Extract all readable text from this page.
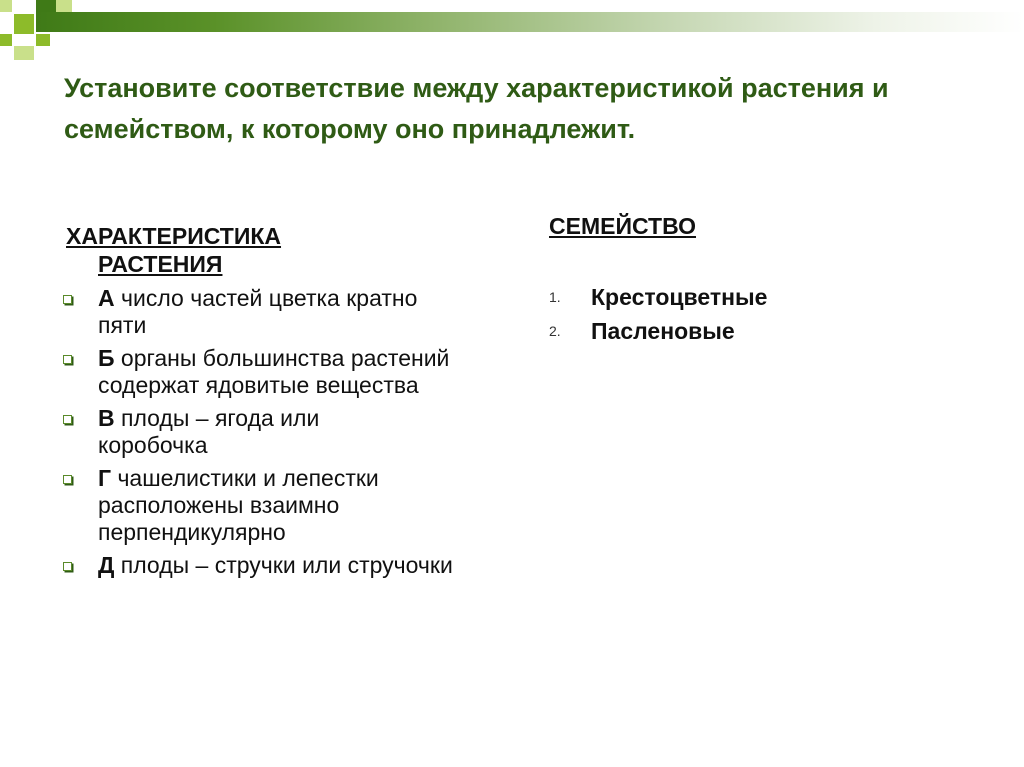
Установите соответствие между характеристикой растения и семейством, к которому оно принадлежит.
ХАРАКТЕРИСТИКА
РАСТЕНИЯ
А число частей цветка кратно пяти
Б органы большинства растений содержат ядовитые вещества
В плоды – ягода или коробочка
Г чашелистики и лепестки расположены взаимно перпендикулярно
Д плоды – стручки или стручочки
СЕМЕЙСТВО
1. Крестоцветные
2. Пасленовые
